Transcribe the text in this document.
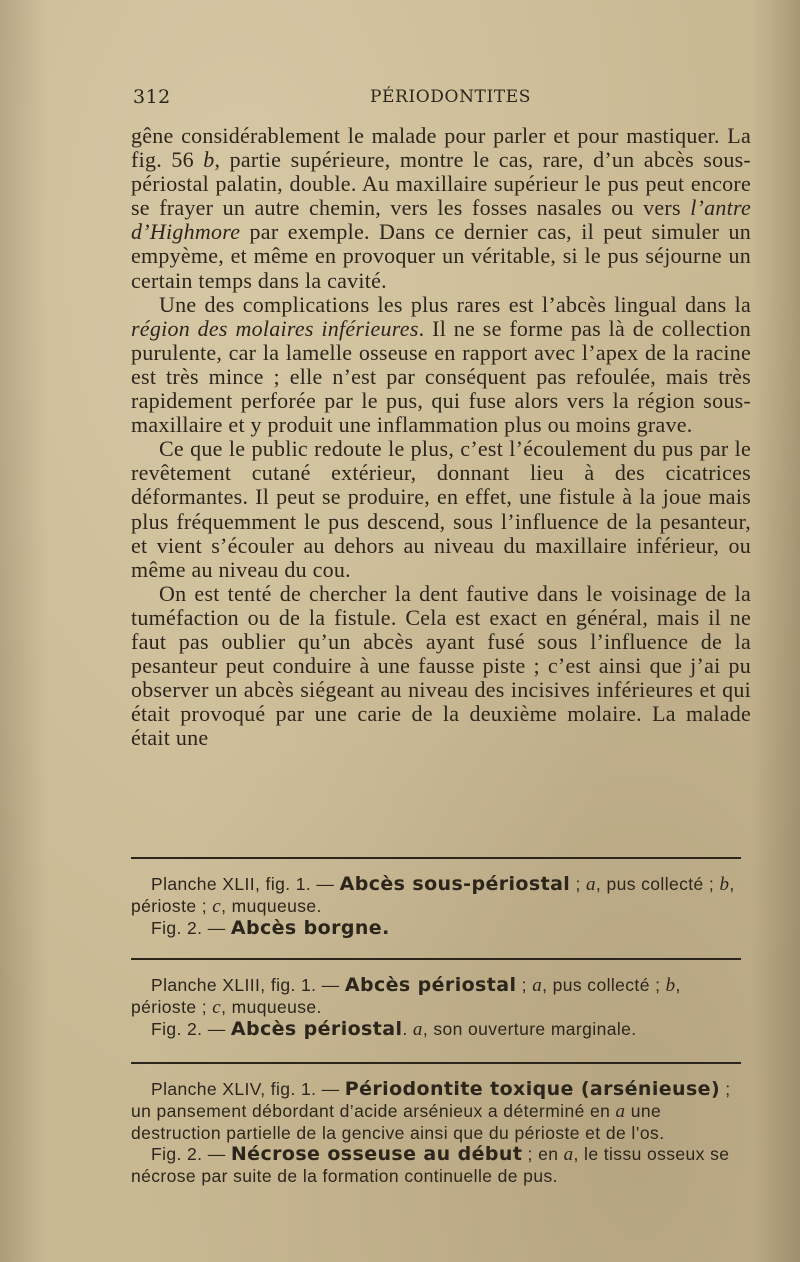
312	PÉRIODONTITES

gêne considérablement le malade pour parler et pour mastiquer. La fig. 56 b, partie supérieure, montre le cas, rare, d’un abcès sous-périostal palatin, double. Au maxillaire supérieur le pus peut encore se frayer un autre chemin, vers les fosses nasales ou vers l’antre d’Highmore par exemple. Dans ce dernier cas, il peut simuler un empyème, et même en provoquer un véritable, si le pus séjourne un certain temps dans la cavité.

Une des complications les plus rares est l’abcès lingual dans la région des molaires inférieures. Il ne se forme pas là de collection purulente, car la lamelle osseuse en rapport avec l’apex de la racine est très mince ; elle n’est par conséquent pas refoulée, mais très rapidement perforée par le pus, qui fuse alors vers la région sous-maxillaire et y produit une inflammation plus ou moins grave.

Ce que le public redoute le plus, c’est l’écoulement du pus par le revêtement cutané extérieur, donnant lieu à des cicatrices déformantes. Il peut se produire, en effet, une fistule à la joue mais plus fréquemment le pus descend, sous l’influence de la pesanteur, et vient s’écouler au dehors au niveau du maxillaire inférieur, ou même au niveau du cou.

On est tenté de chercher la dent fautive dans le voisinage de la tuméfaction ou de la fistule. Cela est exact en général, mais il ne faut pas oublier qu’un abcès ayant fusé sous l’influence de la pesanteur peut conduire à une fausse piste ; c’est ainsi que j’ai pu observer un abcès siégeant au niveau des incisives inférieures et qui était provoqué par une carie de la deuxième molaire. La malade était une

Planche XLII, fig. 1. — Abcès sous-périostal ; a, pus collecté ; b, périoste ; c, muqueuse.

Fig. 2. — Abcès borgne.

Planche XLIII, fig. 1. — Abcès périostal ; a, pus collecté ; b, périoste ; c, muqueuse.

Fig. 2. — Abcès périostal. a, son ouverture marginale.

Planche XLIV, fig. 1. — Périodontite toxique (arsénieuse) ; un pansement débordant d’acide arsénieux a déterminé en a une destruction partielle de la gencive ainsi que du périoste et de l’os.

Fig. 2. — Nécrose osseuse au début ; en a, le tissu osseux se nécrose par suite de la formation continuelle de pus.
